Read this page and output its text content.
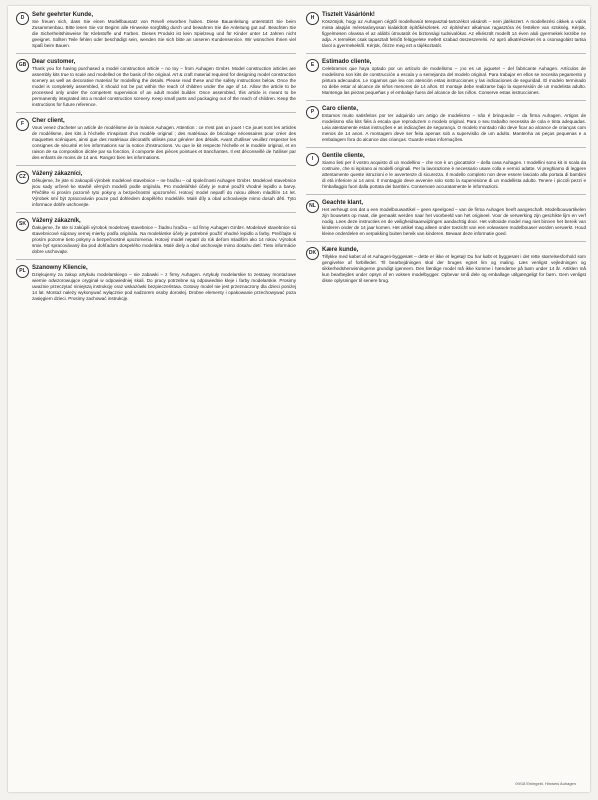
D	Sehr geehrter Kunde,
Sie freuen sich, dass Sie einen Modellbausatz von Revell erworben haben. Diese Bauanleitung unterstützt Sie beim Zusammenbau. Bitte lesen Sie vor Beginn alle Hinweise sorgfältig durch und bewahren Sie die Anleitung gut auf. Beachten Sie die Sicherheitshinweise für Klebstoffe und Farben. Dieses Produkt ist kein Spielzeug und für Kinder unter 14 Jahren nicht geeignet. Sollten Teile fehlen oder beschädigt sein, wenden Sie sich bitte an unseren Kundenservice. Wir wünschen Ihnen viel Spaß beim Bauen.
GB Dear customer,
Thank you for having purchased a model construction article – no toy – from Auhagen GmbH. Model construction articles are assembly kits true to scale and modelled on the basis of the original. Art & craft material required for designing model construction scenery as well as decorative material for modelling the details. Please read these and the safety instructions below. Once the model is completely assembled, it should not be put within the reach of children under the age of 14. Allow the article to be processed only under the competent supervision of an adult model builder. Once assembled, this article is meant to be permanently integrated into a model construction scenery. Keep small parts and packaging out of the reach of children. Keep the instructions for future reference.
F	Cher client,
Vous venez d'acheter un article de modélisme de la maison Auhagen. Attention : ce n'est pas un jouet ! Ce jouet sont les articles de modélisme, des kits à l'échelle s'inspirant d'un modèle original ; des matériaux de bricolage nécessaires pour créer des maquettes scéniques, ainsi que des matériaux décoratifs utilisés pour générer des détails. Avant d'utiliser veuillez respecter les consignes de sécurité et les informations sur la notice d'instructions. Vu que le kit respecte l'échelle et le modèle original, et en raison de sa composition dictée par sa fonction, il comporte des pièces pointues et tranchantes. Il est déconseillé de l'utiliser par des enfants de moins de 14 ans. Rangez bien les informations.
CZ	Vážený zákazníci,
Děkujeme, že jste si zakoupili výrobek modelové stavebnice – ne hračku – od společnosti Auhagen GmbH. Modelové stavebnice jsou sady určené ke stavbě věrných modelů podle originálu. Pro modelářské účely je nutné použít vhodné lepidlo a barvy. Přečtěte si prosím pozorně tyto pokyny a bezpečnostní upozornění. Hotový model nepatří do rukou dětem mladším 14 let. Výrobek smí být zpracováván pouze pod dohledem dospělého modeláře. Malé díly a obal uchovávejte mimo dosah dětí. Tyto informace dobře uschovejte.
SK	Vážený zákazník,
Ďakujeme, že ste si zakúpili výrobok modelovej stavebnice – žiadnu hračku – od firmy Auhagen GmbH. Modelové stavebnice sú stavebnicové súpravy vernej mierky podľa originálu. Na modelárske účely je potrebné použiť vhodné lepidlo a farby. Prečítajte si prosím pozorne tieto pokyny a bezpečnostné upozornenia. Hotový model nepatrí do rúk deťom mladším ako 14 rokov. Výrobok smie byť spracovávaný iba pod dohľadom dospelého modelára. Malé diely a obal uschovajte mimo dosahu detí. Tieto informácie dobre uschovajte.
PL	Szanowny Kliencie,
Dziękujemy za zakup artykułu modelarskiego – nie zabawki – z firmy Auhagen. Artykuły modelarskie to zestawy montażowe wiernie odwzorowujące oryginał w odpowiedniej skali. Do pracy potrzebne są odpowiednie kleje i farby modelarskie. Prosimy uważnie przeczytać niniejszą instrukcję oraz wskazówki bezpieczeństwa. Gotowy model nie jest przeznaczony dla dzieci poniżej 14 lat. Montaż należy wykonywać wyłącznie pod nadzorem osoby dorosłej. Drobne elementy i opakowanie przechowywać poza zasięgiem dzieci. Prosimy zachować instrukcję.
H	Tisztelt Vásárlónk!
Köszönjük, hogy az Auhagen cégtől modellvasút terepasztal-tartozékot vásárolt – nem játékszert. A modellezési cikkek a valós minta alapján méretarányosan kialakított építőkészletek. Az építéshez alkalmas ragasztóra és festékre van szükség. Kérjük, figyelmesen olvassa el az alábbi útmutatót és biztonsági tudnivalókat. Az elkészült modellt 14 éven aluli gyermekek kezébe ne adja. A terméket csak tapasztalt felnőtt felügyelete mellett szabad összeszerelni. Az apró alkatrészeket és a csomagolást tartsa távol a gyermekektől. Kérjük, őrizze meg ezt a tájékoztatót.
E	Estimado cliente,
Celebramos que haya optado por un artículo de modelismo – ¡no es un juguete! – del fabricante Auhagen. Artículos de modelismo son kits de construcción a escala y a semejanza del modelo original. Para trabajar en ellos se necesita pegamento y pintura adecuados. Le rogamos que lea con atención estas instrucciones y las indicaciones de seguridad. El modelo terminado no debe estar al alcance de niños menores de 14 años. El montaje debe realizarse bajo la supervisión de un modelista adulto. Mantenga las piezas pequeñas y el embalaje fuera del alcance de los niños. Conserve estas instrucciones.
P	Caro cliente,
Estamos muito satisfeitos por ter adquirido um artigo de modelismo – não é brinquedo! – da firma Auhagen. Artigos de modelismo são kits fiéis à escala que reproduzem o modelo original. Para o seu trabalho necessita de cola e tinta adequadas. Leia atentamente estas instruções e as indicações de segurança. O modelo montado não deve ficar ao alcance de crianças com menos de 14 anos. A montagem deve ser feita apenas sob a supervisão de um adulto. Mantenha as peças pequenas e a embalagem fora do alcance das crianças. Guarde estas informações.
I	Gentile cliente,
Siamo lieti per il vostro acquisto di un modellino – che non è un giocattolo! – della casa Auhagen. I modellini sono kit in scala da costruire, che si ispirano ai modelli originali. Per la lavorazione è necessario usare colla e vernici adatte. Vi preghiamo di leggere attentamente queste istruzioni e le avvertenze di sicurezza. Il modello completo non deve essere lasciato alla portata di bambini di età inferiore ai 14 anni. Il montaggio deve avvenire solo sotto la supervisione di un modellista adulto. Tenere i piccoli pezzi e l'imballaggio fuori dalla portata dei bambini. Conservare accuratamente le informazioni.
NL	Geachte klant,
Het verheugt ons dat u een modelbouwartikel – geen speelgoed – van de firma Auhagen heeft aangeschaft. Modelbouwartikelen zijn bouwsets op maat, die gemaakt werden naar het voorbeeld van het origineel. Voor de verwerking zijn geschikte lijm en verf nodig. Lees deze instructies en de veiligheidsaanwijzingen aandachtig door. Het voltooide model mag niet binnen het bereik van kinderen onder de 14 jaar komen. Het artikel mag alleen onder toezicht van een volwassen modelbouwer worden verwerkt. Houd kleine onderdelen en verpakking buiten bereik van kinderen. Bewaar deze informatie goed.
DK Kære kunde,
Tillykke med købet af et Auhagen-byggesæt – dette er ikke et legetøj! Du har købt et byggesæt i det rette størrelsesforhold som gengivelse af forbilledet. Til bearbejdningen skal der bruges egnet lim og maling. Læs venligst vejledningen og sikkerhedshenvisningerne grundigt igennem. Den færdige model må ikke komme i hænderne på børn under 14 år. Artiklen må kun bearbejdes under opsyn af en voksen modelbygger. Opbevar små dele og emballage utilgængeligt for børn. Gem venligst disse oplysninger til senere brug.
09/18 Einlegebl. Hinweis Auhagen
